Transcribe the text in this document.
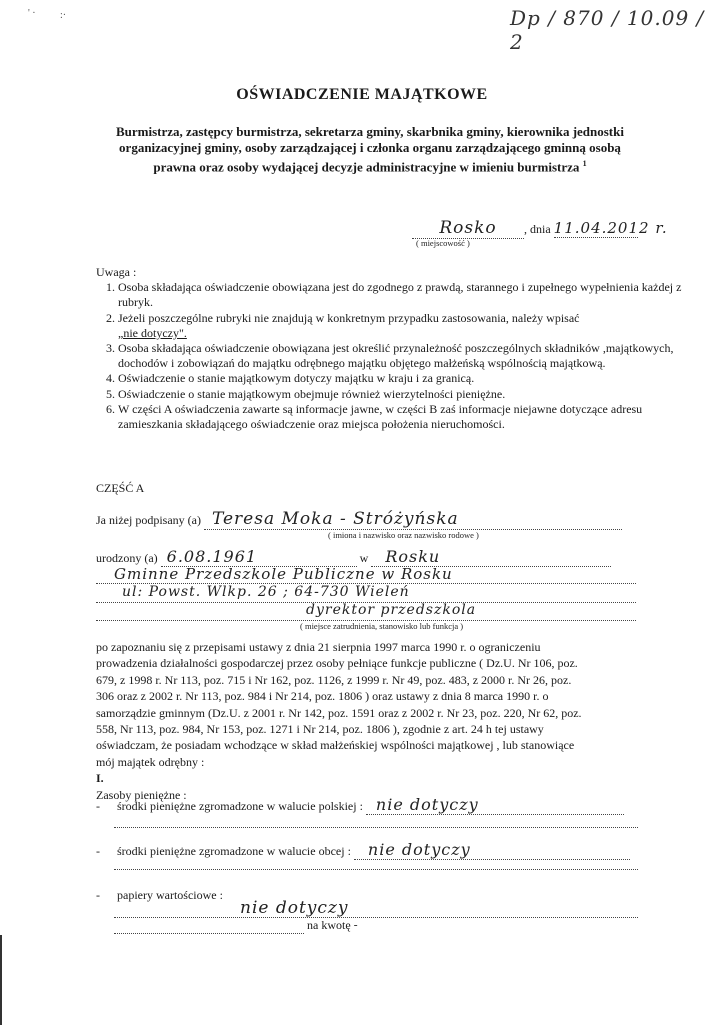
' · :·	Dp / 870 / 10.09 / 2
OŚWIADCZENIE MAJĄTKOWE
Burmistrza, zastępcy burmistrza, sekretarza gminy, skarbnika gminy, kierownika jednostki organizacyjnej gminy, osoby zarządzającej i członka organu zarządzającego gminną osobą prawna oraz osoby wydającej decyzje administracyjne w imieniu burmistrza $^1$
Rosko , dnia 11.04.2012 r.
( miejscowość )
Uwaga :
1. Osoba składająca oświadczenie obowiązana jest do zgodnego z prawdą, starannego i zupełnego wypełnienia każdej z rubryk.
2. Jeżeli poszczególne rubryki nie znajdują w konkretnym przypadku zastosowania, należy wpisać
„nie dotyczy".
3. Osoba składająca oświadczenie obowiązana jest określić przynależność poszczególnych składników ,majątkowych, dochodów i zobowiązań do majątku odrębnego majątku objętego małżeńską wspólnością majątkową.
4. Oświadczenie o stanie majątkowym dotyczy majątku w kraju i za granicą.
5. Oświadczenie o stanie majątkowym obejmuje również wierzytelności pieniężne.
6. W części A oświadczenia zawarte są informacje jawne, w części B zaś informacje niejawne dotyczące adresu zamieszkania składającego oświadczenie oraz miejsca położenia nieruchomości.
CZĘŚĆ A
Ja niżej podpisany (a) Teresa Moka - Stróżyńska
( imiona i nazwisko oraz nazwisko rodowe )
urodzony (a) 6.08.1961	w Rosku
Gminne Przedszkole Publiczne w Rosku
ul: Powst. Wlkp. 26 ; 64-730 Wieleń
dyrektor przedszkola
( miejsce zatrudnienia, stanowisko lub funkcja )
po zapoznaniu się z przepisami ustawy z dnia 21 sierpnia 1997 marca 1990 r. o ograniczeniu
prowadzenia działalności gospodarczej przez osoby pełniące funkcje publiczne ( Dz.U. Nr 106, poz.
679, z 1998 r. Nr 113, poz. 715 i Nr 162, poz. 1126, z 1999 r. Nr 49, poz. 483, z 2000 r. Nr 26, poz.
306 oraz z 2002 r. Nr 113, poz. 984 i Nr 214, poz. 1806 ) oraz ustawy z dnia 8 marca 1990 r. o
samorządzie gminnym (Dz.U. z 2001 r. Nr 142, poz. 1591 oraz z 2002 r. Nr 23, poz. 220, Nr 62, poz.
558, Nr 113, poz. 984, Nr 153, poz. 1271 i Nr 214, poz. 1806 ), zgodnie z art. 24 h tej ustawy
oświadczam, że posiadam wchodzące w skład małżeńskiej wspólności majątkowej , lub stanowiące
mój majątek odrębny :
I.
Zasoby pieniężne :
- środki pieniężne zgromadzone w walucie polskiej : nie dotyczy
- środki pieniężne zgromadzone w walucie obcej : nie dotyczy
- papiery wartościowe :
nie dotyczy
na kwotę -
